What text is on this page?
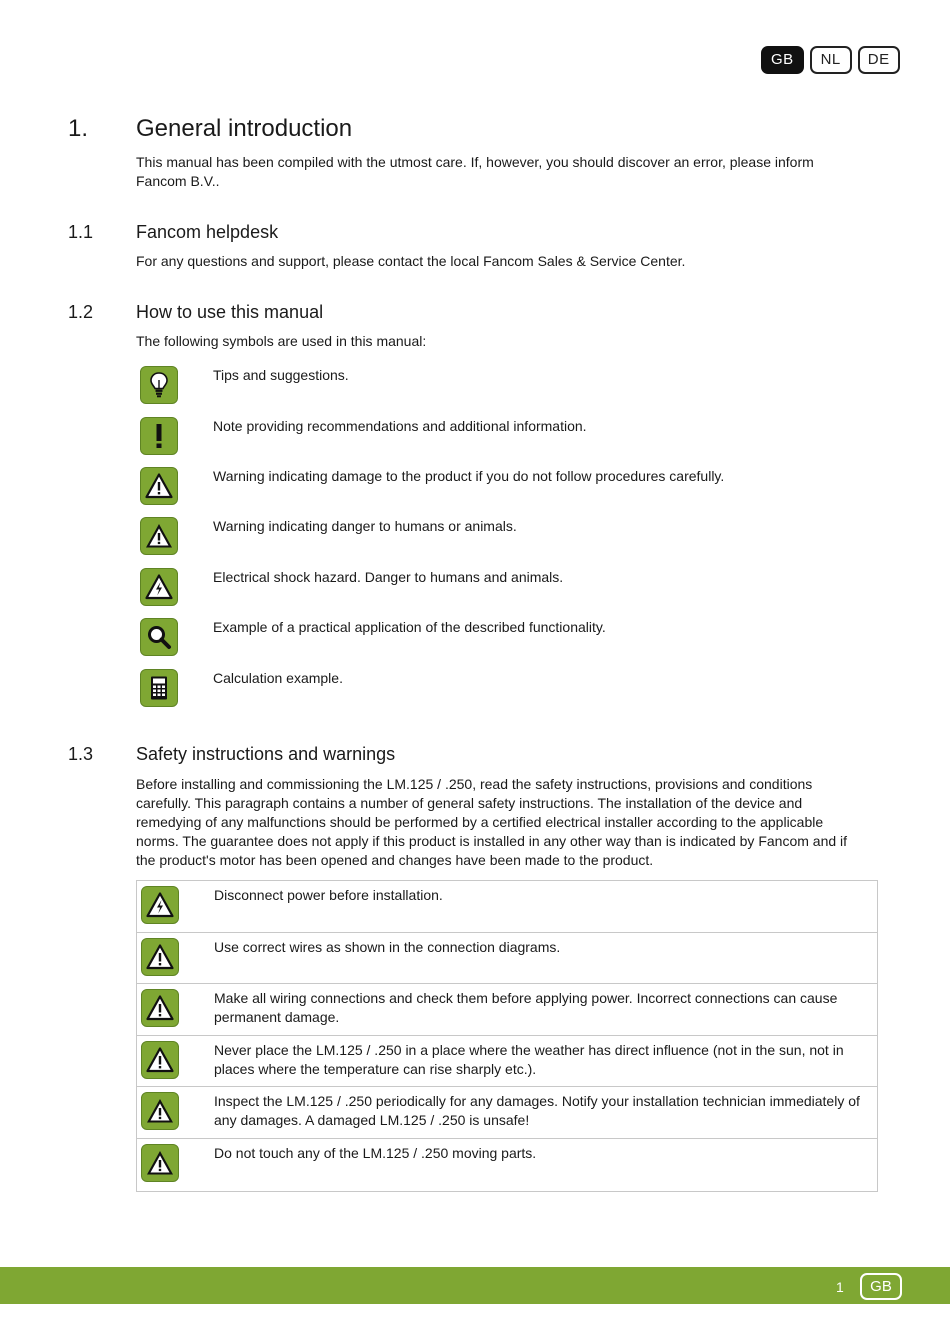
GB	NL	DE
1. General introduction

This manual has been compiled with the utmost care. If, however, you should discover an error, please inform Fancom B.V..

1.1 Fancom helpdesk

For any questions and support, please contact the local Fancom Sales & Service Center.

1.2 How to use this manual

The following symbols are used in this manual:

Tips and suggestions.
Note providing recommendations and additional information.
Warning indicating damage to the product if you do not follow procedures carefully.
Warning indicating danger to humans or animals.
Electrical shock hazard. Danger to humans and animals.
Example of a practical application of the described functionality.
Calculation example.
1.3 Safety instructions and warnings

Before installing and commissioning the LM.125 / .250, read the safety instructions, provisions and conditions carefully. This paragraph contains a number of general safety instructions. The installation of the device and remedying of any malfunctions should be performed by a certified electrical installer according to the applicable norms. The guarantee does not apply if this product is installed in any other way than is indicated by Fancom and if the product's motor has been opened and changes have been made to the product.

Disconnect power before installation.
Use correct wires as shown in the connection diagrams.
Make all wiring connections and check them before applying power. Incorrect connections can cause permanent damage.
Never place the LM.125 / .250 in a place where the weather has direct influence (not in the sun, not in places where the temperature can rise sharply etc.).
Inspect the LM.125 / .250 periodically for any damages. Notify your installation technician immediately of any damages. A damaged LM.125 / .250 is unsafe!
Do not touch any of the LM.125 / .250 moving parts.
1	GB
